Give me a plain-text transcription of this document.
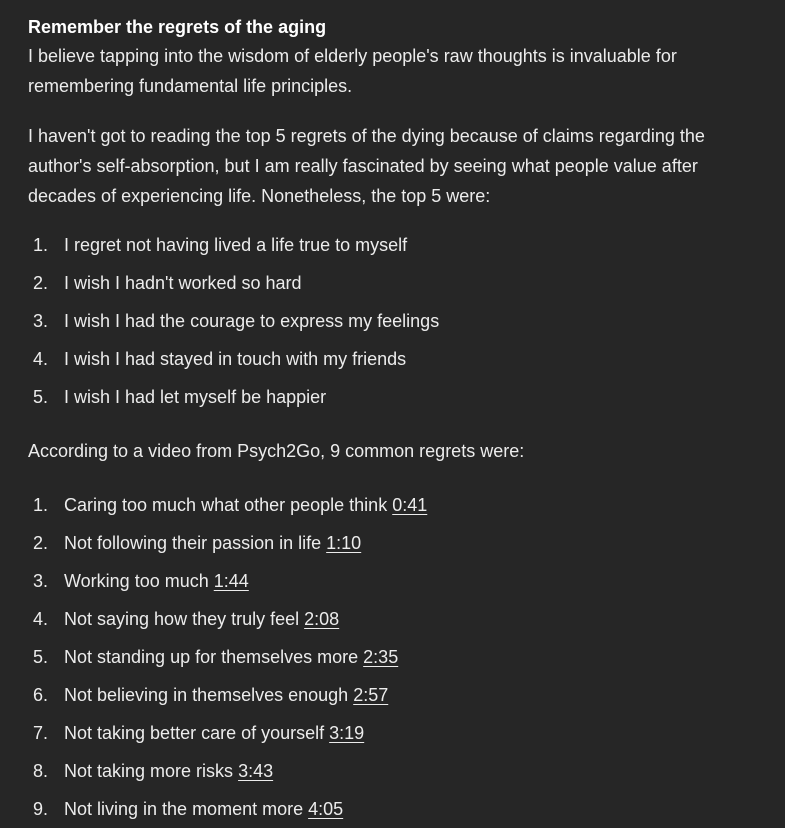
Remember the regrets of the aging

I believe tapping into the wisdom of elderly people's raw thoughts is invaluable for remembering fundamental life principles.

I haven't got to reading the top 5 regrets of the dying because of claims regarding the author's self-absorption, but I am really fascinated by seeing what people value after decades of experiencing life. Nonetheless, the top 5 were:

1. I regret not having lived a life true to myself
2. I wish I hadn't worked so hard
3. I wish I had the courage to express my feelings
4. I wish I had stayed in touch with my friends
5. I wish I had let myself be happier

According to a video from Psych2Go, 9 common regrets were:

1. Caring too much what other people think 0:41
2. Not following their passion in life 1:10
3. Working too much 1:44
4. Not saying how they truly feel 2:08
5. Not standing up for themselves more 2:35
6. Not believing in themselves enough 2:57
7. Not taking better care of yourself 3:19
8. Not taking more risks 3:43
9. Not living in the moment more 4:05
